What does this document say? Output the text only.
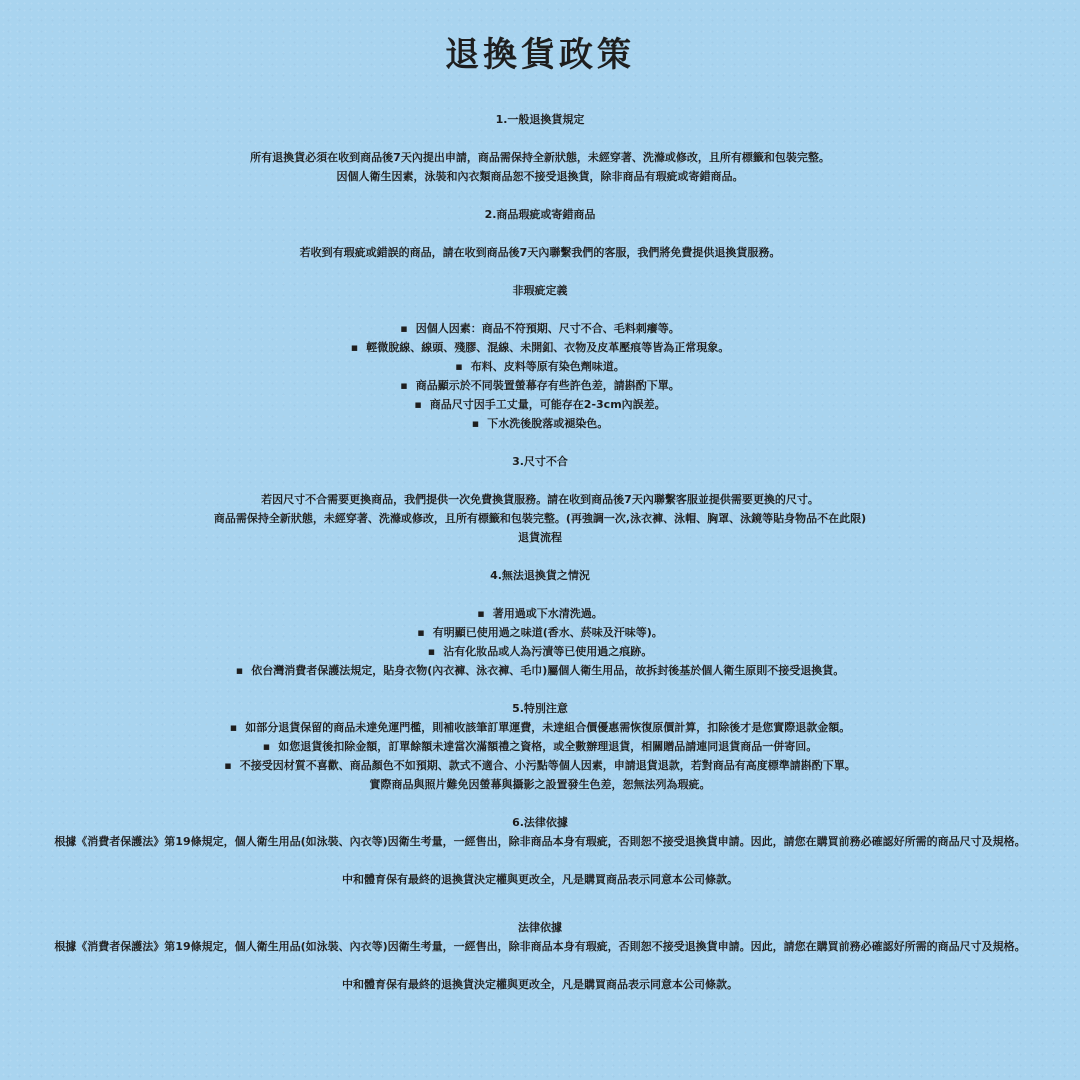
退換貨政策

1.一般退換貨規定

所有退換貨必須在收到商品後7天內提出申請，商品需保持全新狀態，未經穿著、洗滌或修改，且所有標籤和包裝完整。

因個人衛生因素，泳裝和內衣類商品恕不接受退換貨，除非商品有瑕疵或寄錯商品。

2.商品瑕疵或寄錯商品

若收到有瑕疵或錯誤的商品，請在收到商品後7天內聯繫我們的客服，我們將免費提供退換貨服務。

非瑕疵定義

▪ 因個人因素：商品不符預期、尺寸不合、毛料刺癢等。

▪ 輕微脫線、線頭、殘膠、混線、未開釦、衣物及皮革壓痕等皆為正常現象。

▪ 布料、皮料等原有染色劑味道。

▪ 商品顯示於不同裝置螢幕存有些許色差，請斟酌下單。

▪ 商品尺寸因手工丈量，可能存在2-3cm內誤差。

▪ 下水洗後脫落或褪染色。

3.尺寸不合

若因尺寸不合需要更換商品，我們提供一次免費換貨服務。請在收到商品後7天內聯繫客服並提供需要更換的尺寸。

商品需保持全新狀態，未經穿著、洗滌或修改，且所有標籤和包裝完整。(再強調一次,泳衣褲、泳帽、胸罩、泳鏡等貼身物品不在此限)

退貨流程

4.無法退換貨之情況

▪ 著用過或下水清洗過。

▪ 有明顯已使用過之味道(香水、菸味及汗味等)。

▪ 沾有化妝品或人為污漬等已使用過之痕跡。

▪ 依台灣消費者保護法規定，貼身衣物(內衣褲、泳衣褲、毛巾)屬個人衛生用品，故拆封後基於個人衛生原則不接受退換貨。

5.特別注意

▪ 如部分退貨保留的商品未達免運門檻，則補收該筆訂單運費，未達組合價優惠需恢復原價計算，扣除後才是您實際退款金額。

▪ 如您退貨後扣除金額，訂單餘額未達當次滿額禮之資格，或全數辦理退貨，相關贈品請連同退貨商品一併寄回。

▪ 不接受因材質不喜歡、商品顏色不如預期、款式不適合、小污點等個人因素，申請退貨退款，若對商品有高度標準請斟酌下單。

實際商品與照片難免因螢幕與攝影之設置發生色差，恕無法列為瑕疵。

6.法律依據

根據《消費者保護法》第19條規定，個人衛生用品(如泳裝、內衣等)因衛生考量，一經售出，除非商品本身有瑕疵，否則恕不接受退換貨申請。因此，請您在購買前務必確認好所需的商品尺寸及規格。

中和體育保有最終的退換貨決定權與更改全，凡是購買商品表示同意本公司條款。

法律依據

根據《消費者保護法》第19條規定，個人衛生用品(如泳裝、內衣等)因衛生考量，一經售出，除非商品本身有瑕疵，否則恕不接受退換貨申請。因此，請您在購買前務必確認好所需的商品尺寸及規格。

中和體育保有最終的退換貨決定權與更改全，凡是購買商品表示同意本公司條款。
